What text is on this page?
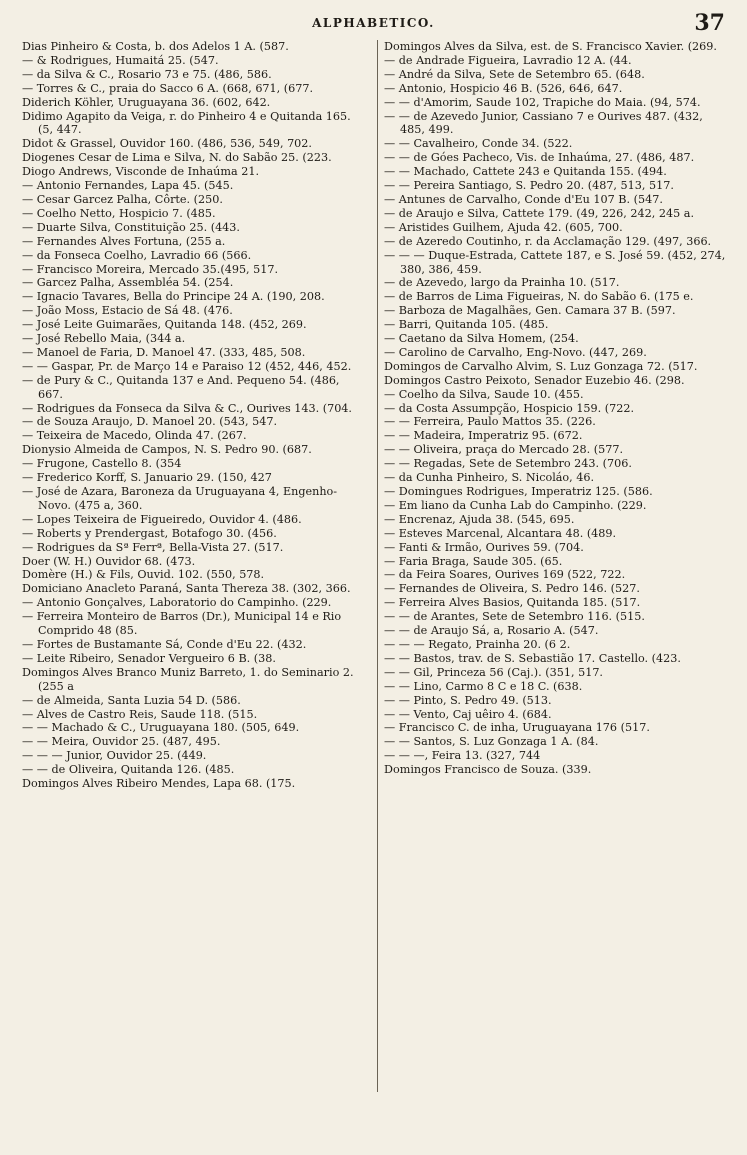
ALPHABETICO.	37

Dias Pinheiro & Costa, b. dos Adelos 1 A. (587.

— & Rodrigues, Humaitá 25. (547.

— da Silva & C., Rosario 73 e 75. (486, 586.

— Torres & C., praia do Sacco 6 A. (668, 671, (677.

Diderich Köhler, Uruguayana 36. (602, 642.

Didimo Agapito da Veiga, r. do Pinheiro 4 e Quitanda 165. (5, 447.

Didot & Grassel, Ouvidor 160. (486, 536, 549, 702.

Diogenes Cesar de Lima e Silva, N. do Sabão 25. (223.

Diogo Andrews, Visconde de Inhaúma 21.

— Antonio Fernandes, Lapa 45. (545.

— Cesar Garcez Palha, Côrte. (250.

— Coelho Netto, Hospicio 7. (485.

— Duarte Silva, Constituição 25. (443.

— Fernandes Alves Fortuna, (255 a.

— da Fonseca Coelho, Lavradio 66 (566.

— Francisco Moreira, Mercado 35.(495, 517.

— Garcez Palha, Assembléa 54. (254.

— Ignacio Tavares, Bella do Principe 24 A. (190, 208.

— João Moss, Estacio de Sá 48. (476.

— José Leite Guimarães, Quitanda 148. (452, 269.

— José Rebello Maia, (344 a.

— Manoel de Faria, D. Manoel 47. (333, 485, 508.

— — Gaspar, Pr. de Março 14 e Paraiso 12 (452, 446, 452.

— de Pury & C., Quitanda 137 e And. Pequeno 54. (486, 667.

— Rodrigues da Fonseca da Silva & C., Ourives 143. (704.

— de Souza Araujo, D. Manoel 20. (543, 547.

— Teixeira de Macedo, Olinda 47. (267.

Dionysio Almeida de Campos, N. S. Pedro 90. (687.

— Frugone, Castello 8. (354

— Frederico Korff, S. Januario 29. (150, 427

— José de Azara, Baroneza da Uruguayana 4, Engenho-Novo. (475 a, 360.

— Lopes Teixeira de Figueiredo, Ouvidor 4. (486.

— Roberts y Prendergast, Botafogo 30. (456.

— Rodrigues da Sª Ferrª, Bella-Vista 27. (517.

Doer (W. H.) Ouvidor 68. (473.

Domère (H.) & Fils, Ouvid. 102. (550, 578.

Domiciano Anacleto Paraná, Santa Thereza 38. (302, 366.

— Antonio Gonçalves, Laboratorio do Campinho. (229.

— Ferreira Monteiro de Barros (Dr.), Municipal 14 e Rio Comprido 48 (85.

— Fortes de Bustamante Sá, Conde d'Eu 22. (432.

— Leite Ribeiro, Senador Vergueiro 6 B. (38.

Domingos Alves Branco Muniz Barreto, 1. do Seminario 2. (255 a

— de Almeida, Santa Luzia 54 D. (586.

— Alves de Castro Reis, Saude 118. (515.

— — Machado & C., Uruguayana 180. (505, 649.

— — Meira, Ouvidor 25. (487, 495.

— — — Junior, Ouvidor 25. (449.

— — de Oliveira, Quitanda 126. (485.

Domingos Alves Ribeiro Mendes, Lapa 68. (175.

Domingos Alves da Silva, est. de S. Francisco Xavier. (269.

— de Andrade Figueira, Lavradio 12 A. (44.

— André da Silva, Sete de Setembro 65. (648.

— Antonio, Hospicio 46 B. (526, 646, 647.

— — d'Amorim, Saude 102, Trapiche do Maia. (94, 574.

— — de Azevedo Junior, Cassiano 7 e Ourives 487. (432, 485, 499.

— — Cavalheiro, Conde 34. (522.

— — de Góes Pacheco, Vis. de Inhaúma, 27. (486, 487.

— — Machado, Cattete 243 e Quitanda 155. (494.

— — Pereira Santiago, S. Pedro 20. (487, 513, 517.

— Antunes de Carvalho, Conde d'Eu 107 B. (547.

— de Araujo e Silva, Cattete 179. (49, 226, 242, 245 a.

— Aristides Guilhem, Ajuda 42. (605, 700.

— de Azeredo Coutinho, r. da Acclamação 129. (497, 366.

— — — Duque-Estrada, Cattete 187, e S. José 59. (452, 274, 380, 386, 459.

— de Azevedo, largo da Prainha 10. (517.

— de Barros de Lima Figueiras, N. do Sabão 6. (175 e.

— Barboza de Magalhães, Gen. Camara 37 B. (597.

— Barri, Quitanda 105. (485.

— Caetano da Silva Homem, (254.

— Carolino de Carvalho, Eng-Novo. (447, 269.

Domingos de Carvalho Alvim, S. Luz Gonzaga 72. (517.

Domingos Castro Peixoto, Senador Euzebio 46. (298.

— Coelho da Silva, Saude 10. (455.

— da Costa Assumpção, Hospicio 159. (722.

— — Ferreira, Paulo Mattos 35. (226.

— — Madeira, Imperatriz 95. (672.

— — Oliveira, praça do Mercado 28. (577.

— — Regadas, Sete de Setembro 243. (706.

— da Cunha Pinheiro, S. Nicoláo, 46.

— Domingues Rodrigues, Imperatriz 125. (586.

— Em liano da Cunha Lab do Campinho. (229.

— Encrenaz, Ajuda 38. (545, 695.

— Esteves Marcenal, Alcantara 48. (489.

— Fanti & Irmão, Ourives 59. (704.

— Faria Braga, Saude 305. (65.

— da Feira Soares, Ourives 169 (522, 722.

— Fernandes de Oliveira, S. Pedro 146. (527.

— Ferreira Alves Basios, Quitanda 185. (517.

— — de Arantes, Sete de Setembro 116. (515.

— — de Araujo Sá, a, Rosario A. (547.

— — — Regato, Prainha 20. (6 2.

— — Bastos, trav. de S. Sebastião 17. Castello. (423.

— — Gil, Princeza 56 (Caj.). (351, 517.

— — Lino, Carmo 8 C e 18 C. (638.

— — Pinto, S. Pedro 49. (513.

— — Vento, Caj uêiro 4. (684.

— Francisco C. de inha, Uruguayana 176 (517.

— — Santos, S. Luz Gonzaga 1 A. (84.

— — —, Feira 13. (327, 744

Domingos Francisco de Souza. (339.
